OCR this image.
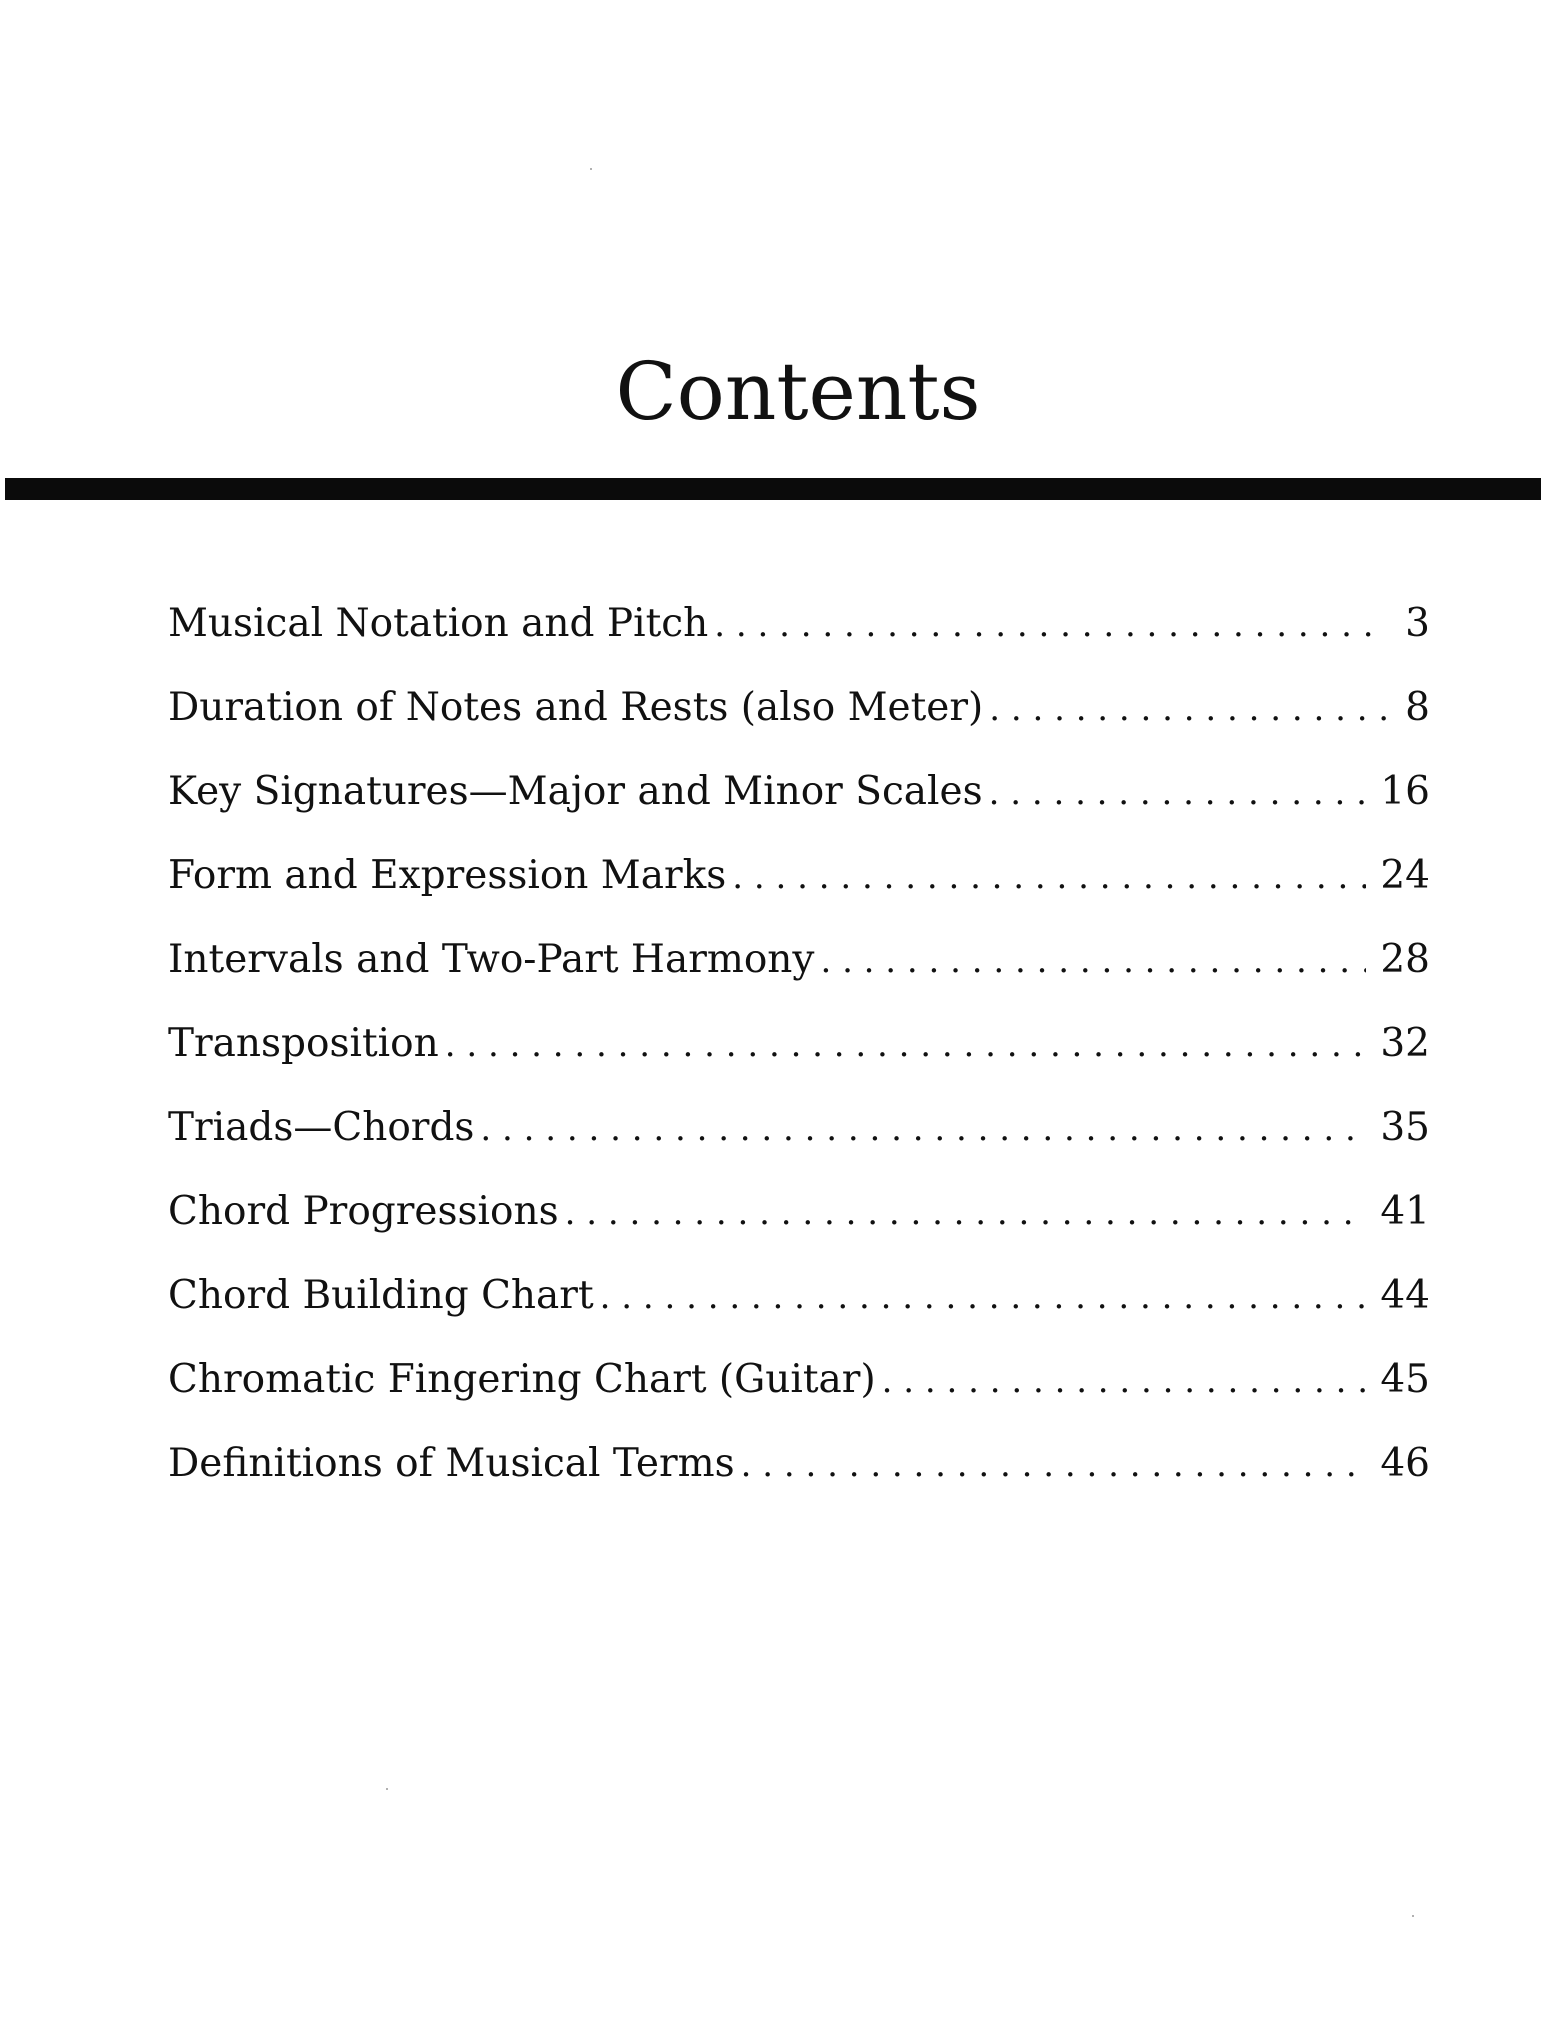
Contents
Musical Notation and Pitch . . .	3
Duration of Notes and Rests (also Meter) . . .	8
Key Signatures—Major and Minor Scales . . .	16
Form and Expression Marks . . .	24
Intervals and Two-Part Harmony . . .	28
Transposition . . .	32
Triads—Chords . . .	35
Chord Progressions . . .	41
Chord Building Chart . . .	44
Chromatic Fingering Chart (Guitar) . . .	45
Definitions of Musical Terms . . .	46
